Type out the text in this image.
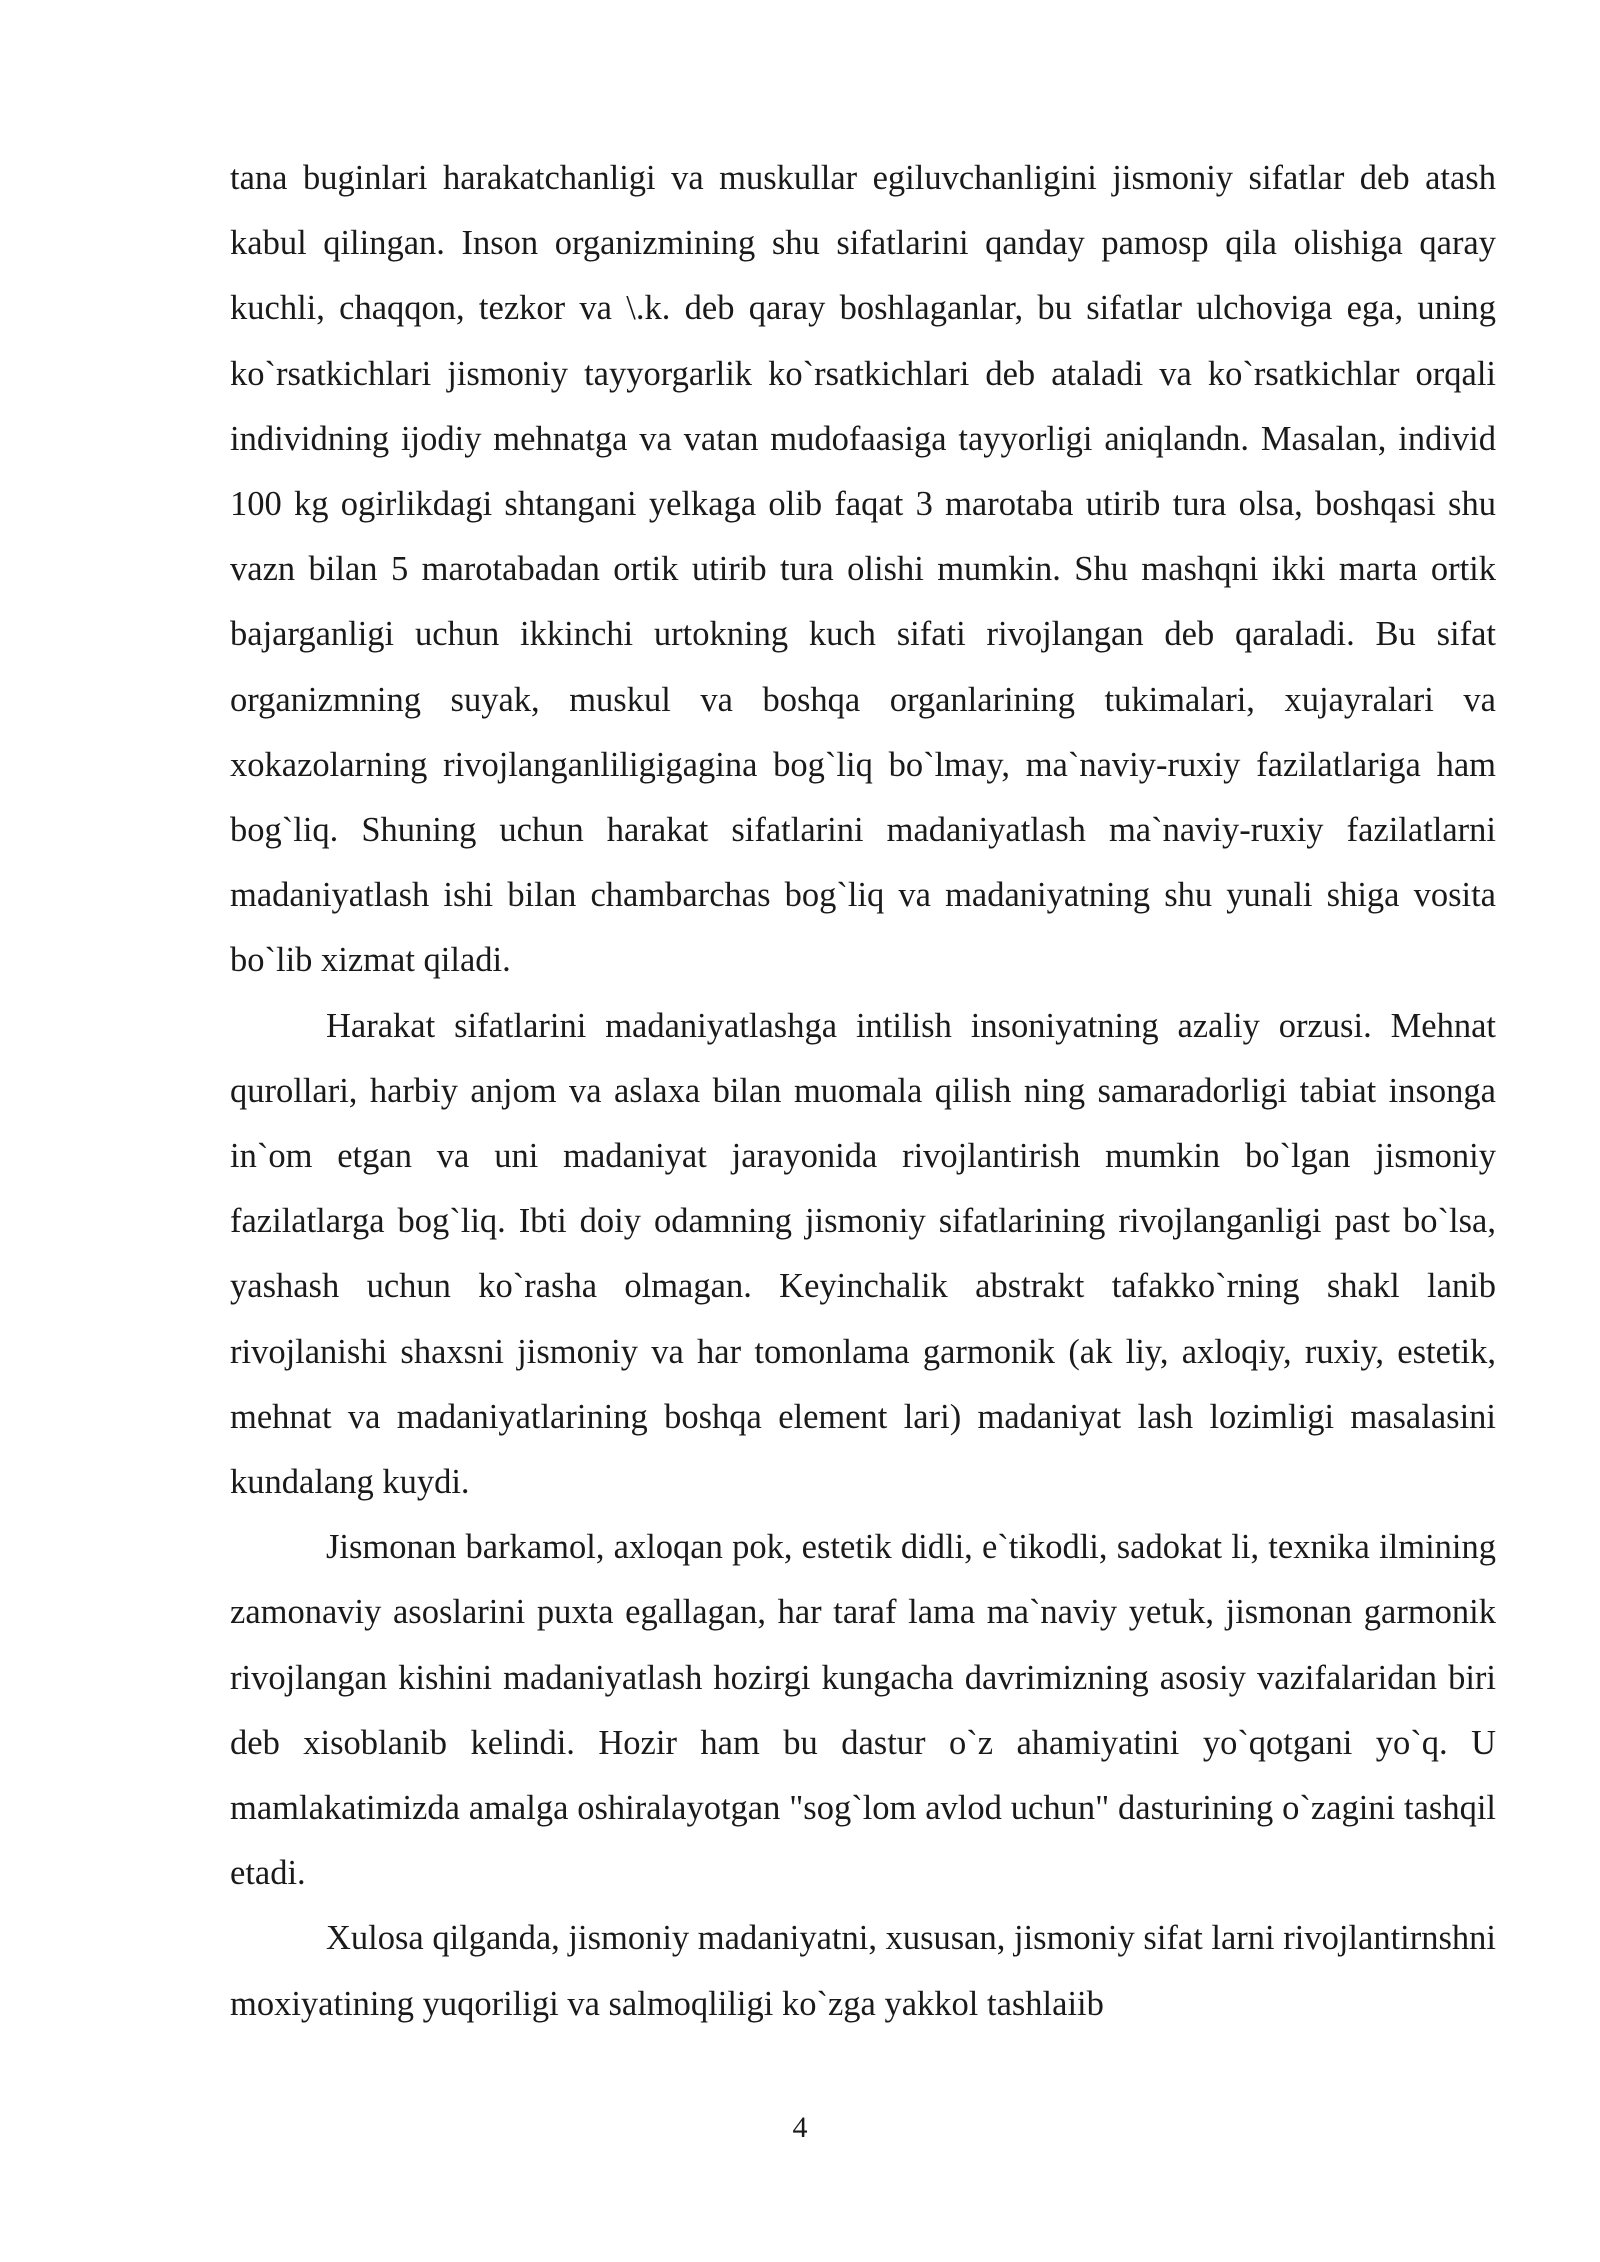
tana buginlari harakatchanligi va muskullar egiluvchanligini jismoniy sifatlar deb atash kabul qilingan. Inson organizmining shu sifatlarini qanday pamosp qila olishiga qaray kuchli, chaqqon, tezkor va \.k. deb qaray boshlaganlar, bu sifatlar ulchoviga ega, uning ko`rsatkichlari jismoniy tayyorgarlik ko`rsatkichlari deb ataladi va ko`rsatkichlar orqali individning ijodiy mehnatga va vatan mudofaasiga tayyorligi aniqlandn. Masalan, individ 100 kg ogirlikdagi shtangani yelkaga olib faqat 3 marotaba utirib tura olsa, boshqasi shu vazn bilan 5 marotabadan ortik utirib tura olishi mumkin. Shu mashqni ikki marta ortik bajarganligi uchun ikkinchi urtokning kuch sifati rivojlangan deb qaraladi. Bu sifat organizmning suyak, muskul va boshqa organlarining tukimalari, xujayralari va xokazolarning rivojlanganliligigagina bog`liq bo`lmay, ma`naviy-ruxiy fazilatlariga ham bog`liq. Shuning uchun harakat sifatlarini madaniyatlash ma`naviy-ruxiy fazilatlarni madaniyatlash ishi bilan chambarchas bog`liq va madaniyatning shu yunali shiga vosita bo`lib xizmat qiladi.

Harakat sifatlarini madaniyatlashga intilish insoniyatning azaliy orzusi. Mehnat qurollari, harbiy anjom va aslaxa bilan muomala qilish ning samaradorligi tabiat insonga in`om etgan va uni madaniyat jarayonida rivojlantirish mumkin bo`lgan jismoniy fazilatlarga bog`liq. Ibti doiy odamning jismoniy sifatlarining rivojlanganligi past bo`lsa, yashash uchun ko`rasha olmagan. Keyinchalik abstrakt tafakko`rning shakl lanib rivojlanishi shaxsni jismoniy va har tomonlama garmonik (ak liy, axloqiy, ruxiy, estetik, mehnat va madaniyatlarining boshqa element lari) madaniyat lash lozimligi masalasini kundalang kuydi.

Jismonan barkamol, axloqan pok, estetik didli, e`tikodli, sadokat li, texnika ilmining zamonaviy asoslarini puxta egallagan, har taraf lama ma`naviy yetuk, jismonan garmonik rivojlangan kishini madaniyatlash hozirgi kungacha davrimizning asosiy vazifalaridan biri deb xisoblanib kelindi. Hozir ham bu dastur o`z ahamiyatini yo`qotgani yo`q. U mamlakatimizda amalga oshiralayotgan "sog`lom avlod uchun" dasturining o`zagini tashqil etadi.

Xulosa qilganda, jismoniy madaniyatni, xususan, jismoniy sifat larni rivojlantirnshni moxiyatining yuqoriligi va salmoqliligi ko`zga yakkol tashlaiib

4
